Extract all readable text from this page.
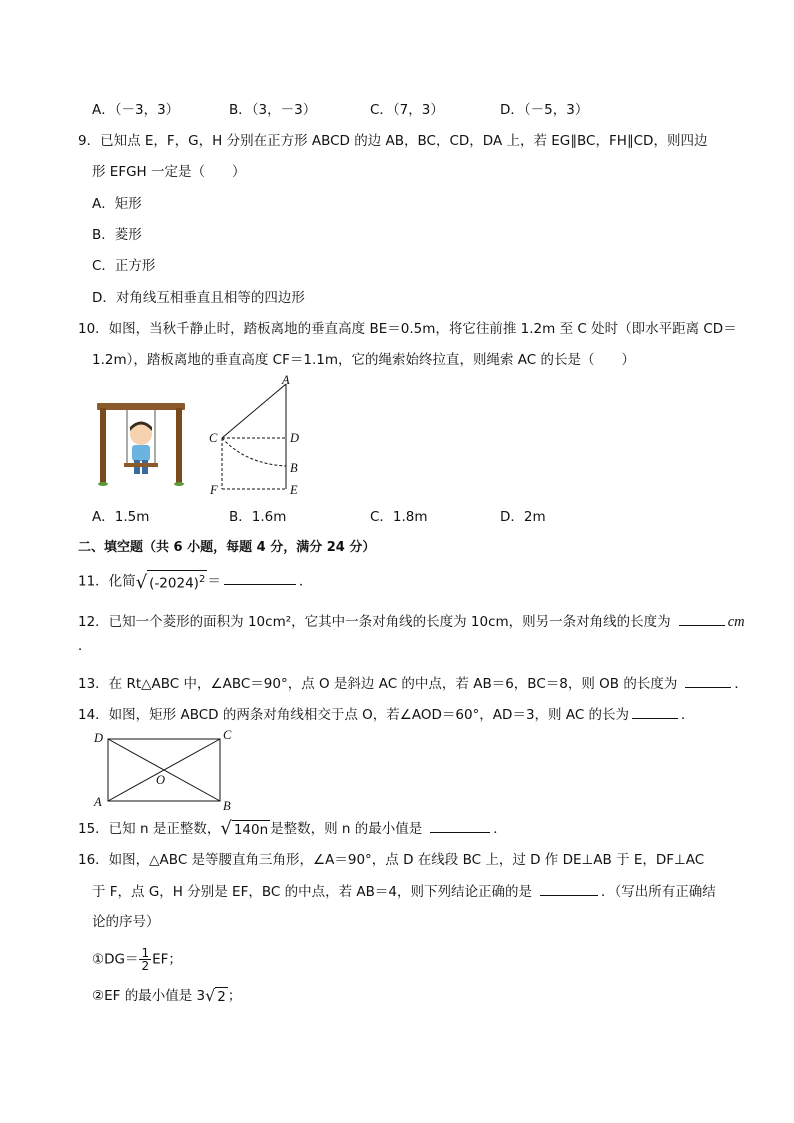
A．（－3，3）	B．（3，－3）	C．（7，3）	D．（－5，3）
9．已知点 E，F，G，H 分别在正方形 ABCD 的边 AB，BC，CD，DA 上，若 EG∥BC，FH∥CD，则四边
形 EFGH 一定是（　　）
A．矩形
B．菱形
C．正方形
D．对角线互相垂直且相等的四边形
10．如图，当秋千静止时，踏板离地的垂直高度 BE＝0.5m，将它往前推 1.2m 至 C 处时（即水平距离 CD＝
1.2m），踏板离地的垂直高度 CF＝1.1m，它的绳索始终拉直，则绳索 AC 的长是（　　）
A
C	D
B
F	E
A．1.5m	B．1.6m	C．1.8m	D．2m
二、填空题（共 6 小题，每题 4 分，满分 24 分）
11．化简 √ $(-2024)^2$ ＝	．
12．已知一个菱形的面积为 10cm²，它其中一条对角线的长度为 10cm，则另一条对角线的长度为	cm
．
13．在 Rt△ABC 中，∠ABC＝90°，点 O 是斜边 AC 的中点，若 AB＝6，BC＝8，则 OB 的长度为	．
14．如图，矩形 ABCD 的两条对角线相交于点 O，若∠AOD＝60°，AD＝3，则 AC 的长为	．
D	C
A	B
O
15．已知 n 是正整数， √ 140n 是整数，则 n 的最小值是	．
16．如图，△ABC 是等腰直角三角形，∠A＝90°，点 D 在线段 BC 上，过 D 作 DE⊥AB 于 E，DF⊥AC
于 F，点 G，H 分别是 EF，BC 的中点，若 AB＝4，则下列结论正确的是	．（写出所有正确结
论的序号）
①DG＝ $\frac{1}{2}$ EF；
②EF 的最小值是 3 √ 2 ；
